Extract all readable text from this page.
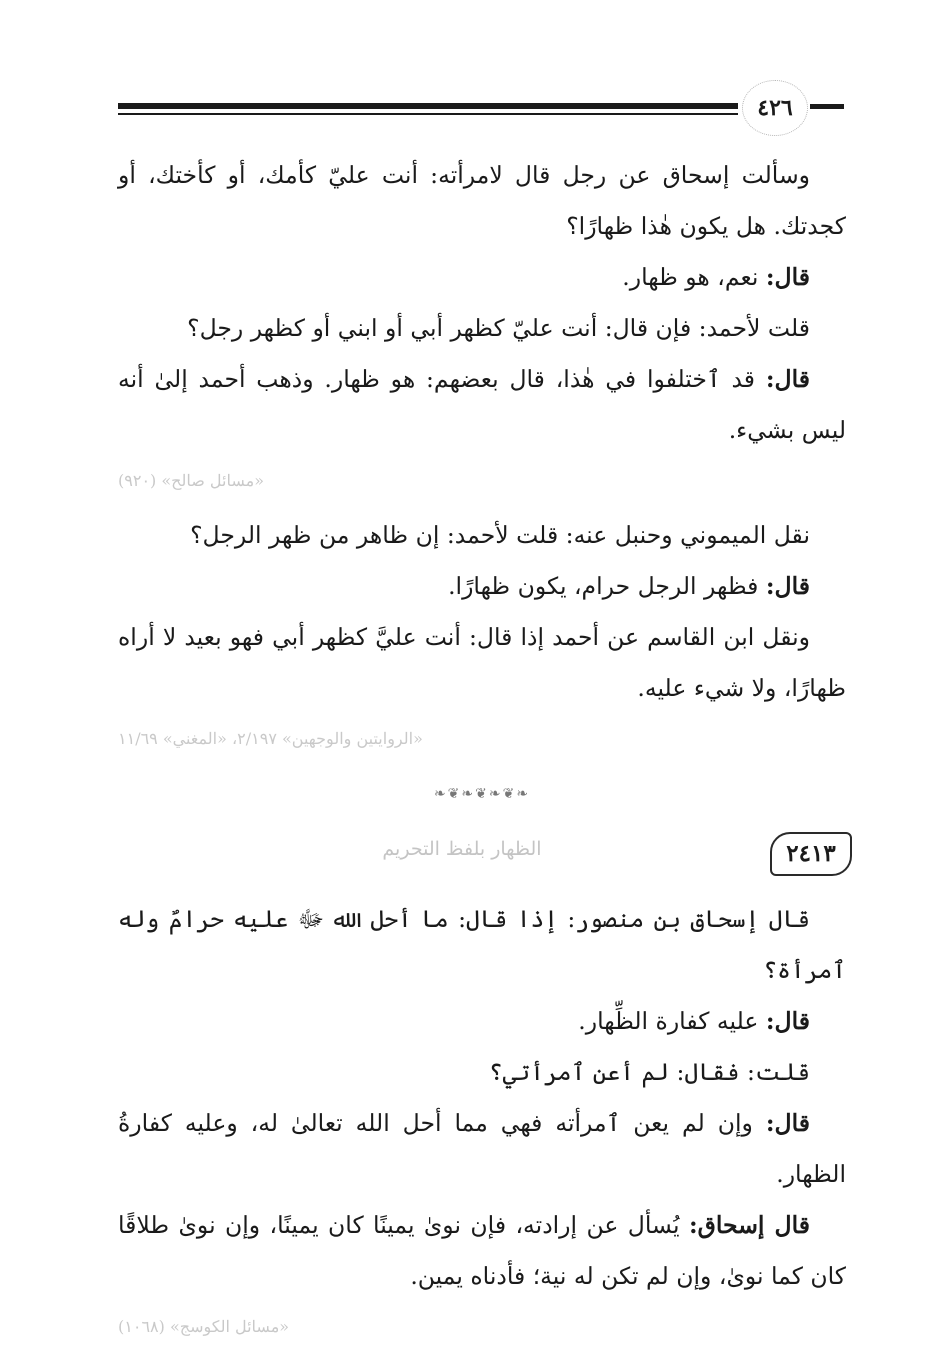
٤٢٦

وسألت إسحاق عن رجل قال لامرأته: أنت عليّ كأمك، أو كأختك، أو كجدتك. هل يكون هٰذا ظهارًا؟

قال: نعم، هو ظهار.

قلت لأحمد: فإن قال: أنت عليّ كظهر أبي أو ابني أو كظهر رجل؟

قال: قد ٱختلفوا في هٰذا، قال بعضهم: هو ظهار. وذهب أحمد إلىٰ أنه ليس بشيء.

«مسائل صالح» (٩٢٠)

نقل الميموني وحنبل عنه: قلت لأحمد: إن ظاهر من ظهر الرجل؟

قال: فظهر الرجل حرام، يكون ظهارًا.

ونقل ابن القاسم عن أحمد إذا قال: أنت عليَّ كظهر أبي فهو بعيد لا أراه ظهارًا، ولا شيء عليه.

«الروايتين والوجهين» ٢/١٩٧، «المغني» ١١/٦٩
❧❦❧❦❧❦❧
٢٤١٣
الظهار بلفظ التحريم

قال إسحاق بن منصور: إذا قال: ما أحل الله ﷻ عليه حرامٌ وله ٱمرأة؟

قال: عليه كفارة الظِّهار.

قلت: فقال: لم أعن ٱمرأتي؟

قال: وإن لم يعن ٱمرأته فهي مما أحل الله تعالىٰ له، وعليه كفارةُ الظهار.

قال إسحاق: يُسأل عن إرادته، فإن نوىٰ يمينًا كان يمينًا، وإن نوىٰ طلاقًا كان كما نوىٰ، وإن لم تكن له نية؛ فأدناه يمين.

«مسائل الكوسج» (١٠٦٨)
